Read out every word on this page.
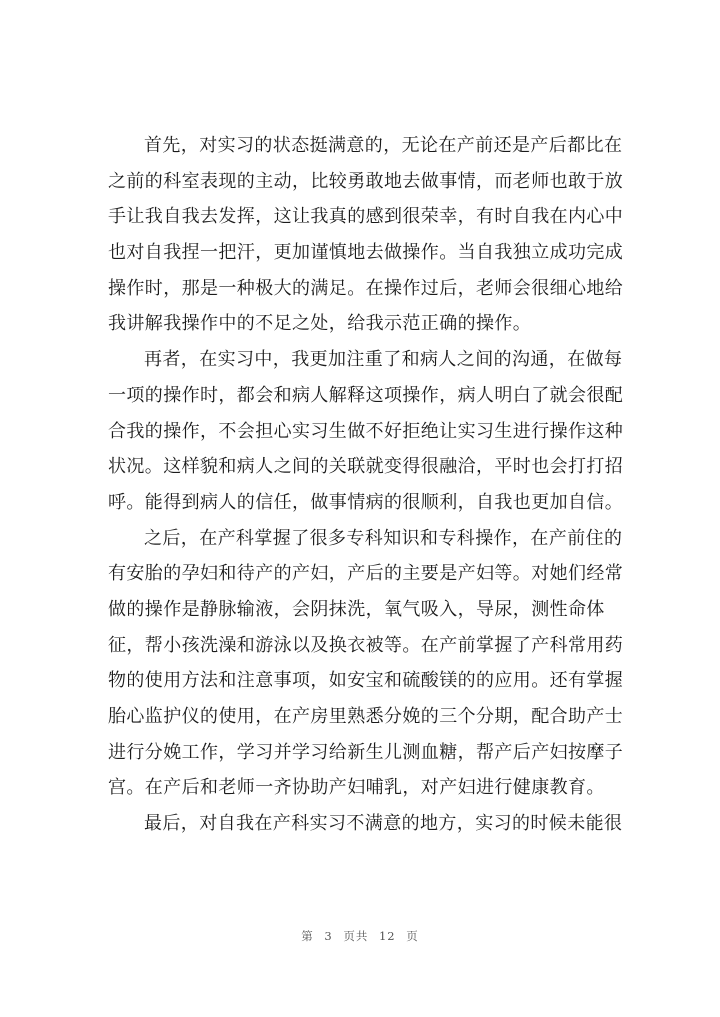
首先，对实习的状态挺满意的，无论在产前还是产后都比在
之前的科室表现的主动，比较勇敢地去做事情，而老师也敢于放
手让我自我去发挥，这让我真的感到很荣幸，有时自我在内心中
也对自我捏一把汗，更加谨慎地去做操作。当自我独立成功完成
操作时，那是一种极大的满足。在操作过后，老师会很细心地给
我讲解我操作中的不足之处，给我示范正确的操作。
再者，在实习中，我更加注重了和病人之间的沟通，在做每
一项的操作时，都会和病人解释这项操作，病人明白了就会很配
合我的操作，不会担心实习生做不好拒绝让实习生进行操作这种
状况。这样貌和病人之间的关联就变得很融洽，平时也会打打招
呼。能得到病人的信任，做事情病的很顺利，自我也更加自信。
之后，在产科掌握了很多专科知识和专科操作，在产前住的
有安胎的孕妇和待产的产妇，产后的主要是产妇等。对她们经常
做的操作是静脉输液，会阴抹洗，氧气吸入，导尿，测性命体
征，帮小孩洗澡和游泳以及换衣被等。在产前掌握了产科常用药
物的使用方法和注意事项，如安宝和硫酸镁的的应用。还有掌握
胎心监护仪的使用，在产房里熟悉分娩的三个分期，配合助产士
进行分娩工作，学习并学习给新生儿测血糖，帮产后产妇按摩子
宫。在产后和老师一齐协助产妇哺乳，对产妇进行健康教育。
最后，对自我在产科实习不满意的地方，实习的时候未能很
第 3 页共 12 页
